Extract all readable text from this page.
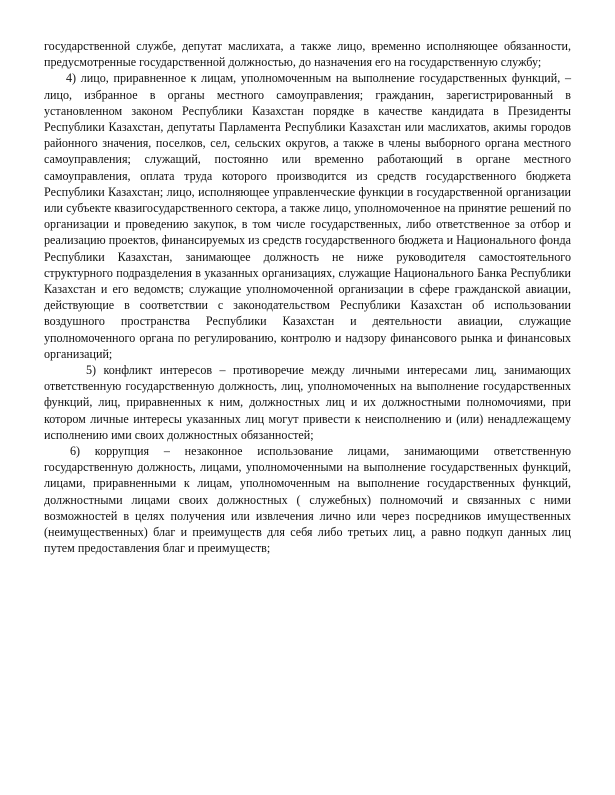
государственной службе, депутат маслихата, а также лицо, временно исполняющее обязанности, предусмотренные государственной должностью, до назначения его на государственную службу;

4) лицо, приравненное к лицам, уполномоченным на выполнение государственных функций, – лицо, избранное в органы местного самоуправления; гражданин, зарегистрированный в установленном законом Республики Казахстан порядке в качестве кандидата в Президенты Республики Казахстан, депутаты Парламента Республики Казахстан или маслихатов, акимы городов районного значения, поселков, сел, сельских округов, а также в члены выборного органа местного самоуправления; служащий, постоянно или временно работающий в органе местного самоуправления, оплата труда которого производится из средств государственного бюджета Республики Казахстан; лицо, исполняющее управленческие функции в государственной организации или субъекте квазигосударственного сектора, а также лицо, уполномоченное на принятие решений по организации и проведению закупок, в том числе государственных, либо ответственное за отбор и реализацию проектов, финансируемых из средств государственного бюджета и Национального фонда Республики Казахстан, занимающее должность не ниже руководителя самостоятельного структурного подразделения в указанных организациях, служащие Национального Банка Республики Казахстан и его ведомств; служащие уполномоченной организации в сфере гражданской авиации, действующие в соответствии с законодательством Республики Казахстан об использовании воздушного пространства Республики Казахстан и деятельности авиации, служащие уполномоченного органа по регулированию, контролю и надзору финансового рынка и финансовых организаций;

5) конфликт интересов – противоречие между личными интересами лиц, занимающих ответственную государственную должность, лиц, уполномоченных на выполнение государственных функций, лиц, приравненных к ним, должностных лиц и их должностными полномочиями, при котором личные интересы указанных лиц могут привести к неисполнению и (или) ненадлежащему исполнению ими своих должностных обязанностей;

6) коррупция – незаконное использование лицами, занимающими ответственную государственную должность, лицами, уполномоченными на выполнение государственных функций, лицами, приравненными к лицам, уполномоченным на выполнение государственных функций, должностными лицами своих должностных ( служебных) полномочий и связанных с ними возможностей в целях получения или извлечения лично или через посредников имущественных (неимущественных) благ и преимуществ для себя либо третьих лиц, а равно подкуп данных лиц путем предоставления благ и преимуществ;
